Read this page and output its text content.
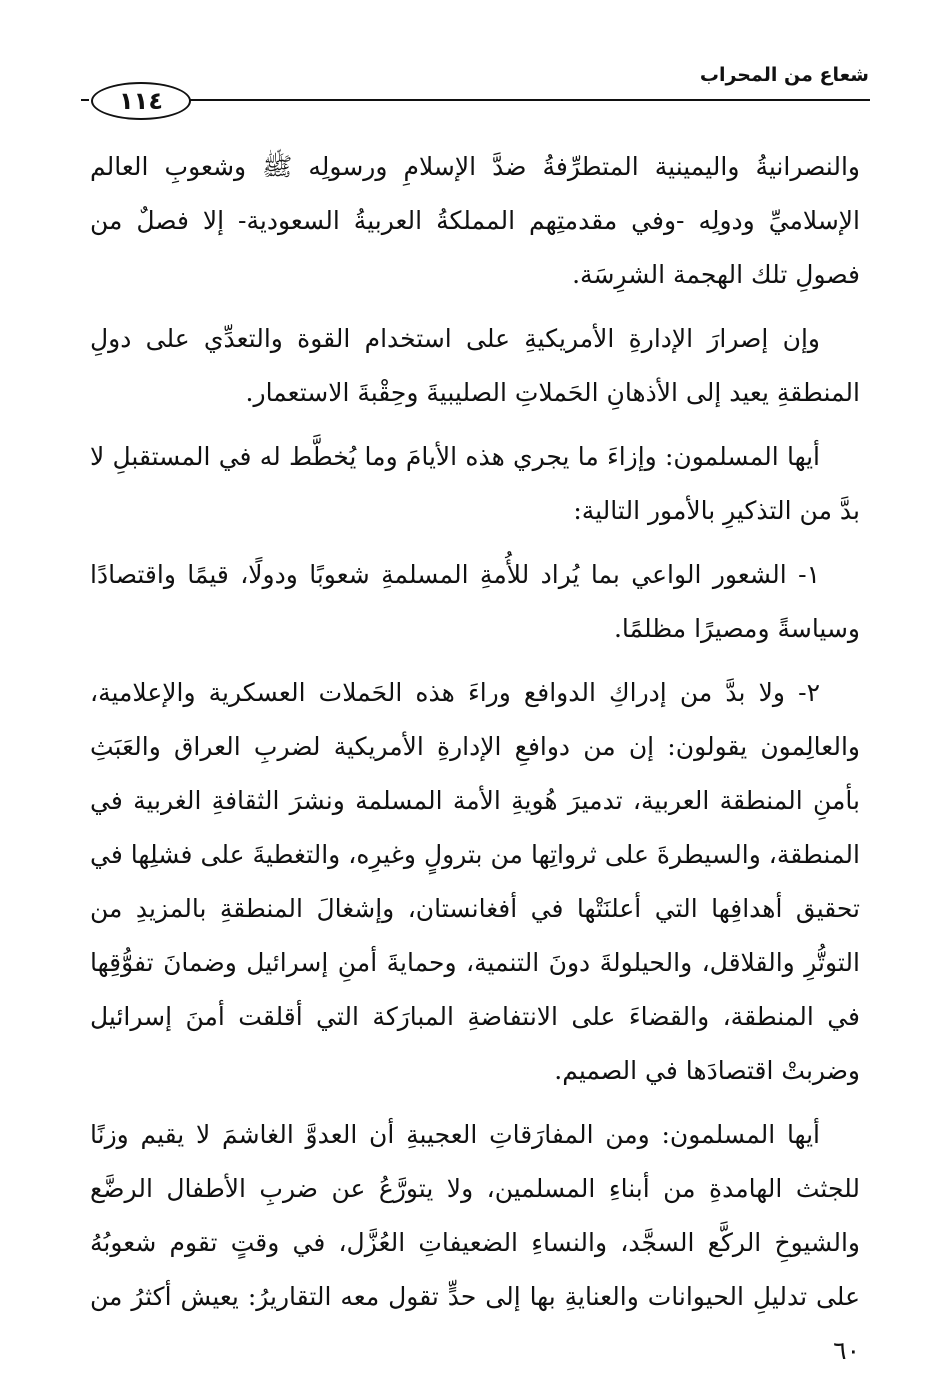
شعاع من المحراب
١١٤

والنصرانيةُ واليمينية المتطرِّفةُ ضدَّ الإسلامِ ورسولِه ﷺ وشعوبِ العالم الإسلاميِّ ودولِه -وفي مقدمتِهم المملكةُ العربيةُ السعودية- إلا فصلٌ من فصولِ تلك الهجمة الشرِسَة.

وإن إصرارَ الإدارةِ الأمريكيةِ على استخدام القوة والتعدِّي على دولِ المنطقةِ يعيد إلى الأذهانِ الحَملاتِ الصليبيةَ وحِقْبةَ الاستعمار.

أيها المسلمون: وإزاءَ ما يجري هذه الأيامَ وما يُخطَّط له في المستقبلِ لا بدَّ من التذكيرِ بالأمور التالية:

١- الشعور الواعي بما يُراد للأُمةِ المسلمةِ شعوبًا ودولًا، قيمًا واقتصادًا وسياسةً ومصيرًا مظلمًا.

٢- ولا بدَّ من إدراكِ الدوافع وراءَ هذه الحَملات العسكرية والإعلامية، والعالِمون يقولون: إن من دوافعِ الإدارةِ الأمريكية لضربِ العراق والعَبَثِ بأمنِ المنطقة العربية، تدميرَ هُويةِ الأمة المسلمة ونشرَ الثقافةِ الغربية في المنطقة، والسيطرةَ على ثرواتِها من بترولٍ وغيرِه، والتغطيةَ على فشلِها في تحقيق أهدافِها التي أعلنَتْها في أفغانستان، وإشغالَ المنطقةِ بالمزيدِ من التوتُّرِ والقلاقل، والحيلولةَ دونَ التنمية، وحمايةَ أمنِ إسرائيل وضمانَ تفوُّقِها في المنطقة، والقضاءَ على الانتفاضةِ المبارَكة التي أقلقت أمنَ إسرائيل وضربتْ اقتصادَها في الصميم.

أيها المسلمون: ومن المفارَقاتِ العجيبةِ أن العدوَّ الغاشمَ لا يقيم وزنًا للجثث الهامدةِ من أبناءِ المسلمين، ولا يتورَّعُ عن ضربِ الأطفال الرضَّع والشيوخِ الركَّع السجَّد، والنساءِ الضعيفاتِ العُزَّل، في وقتٍ تقوم شعوبُهُ على تدليلِ الحيوانات والعنايةِ بها إلى حدٍّ تقول معه التقاريرُ: يعيش أكثرُ من ٦٠
